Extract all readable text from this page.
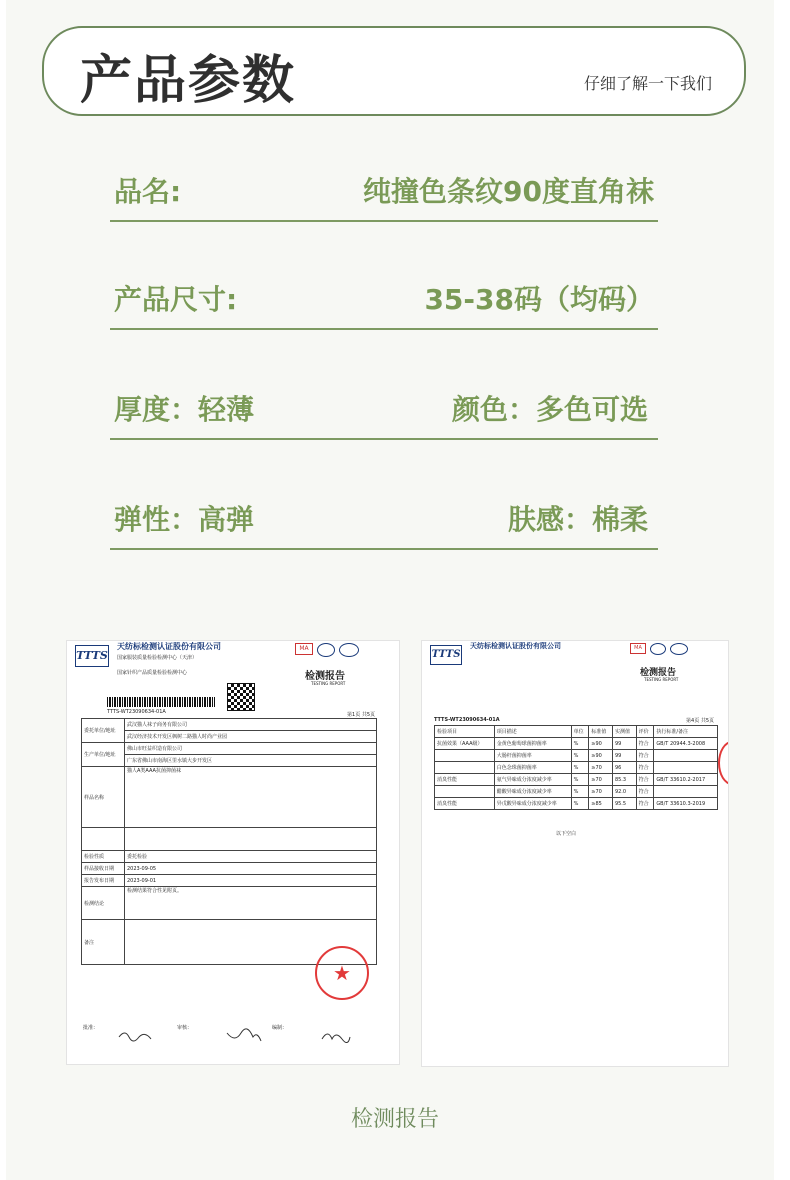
产品参数	仔细了解一下我们
品名:	纯撞色条纹90度直角袜
产品尺寸:	35-38码（均码）
厚度：轻薄	颜色：多色可选
弹性：高弹	肤感：棉柔
TTTS
天纺标检测认证股份有限公司
国家服装质量检验检测中心（天津）
国家针织产品质量检验检测中心
MA
检测报告
TESTING REPORT
TTTS-WT23090634-01A	第1页 共5页
委托单位/地址	武汉猫人袜子商务有限公司
	武汉经济技术开发区枫树二路猫人时尚产业园
生产单位/地址	佛山市旺益织造有限公司
	广东省佛山市南海区里水镇大步开发区
样品名称	猫人A类AAA抗菌抑菌袜

检验性质	委托检验
样品接收日期	2023-09-05
报告发布日期	2023-09-01
检测结论	检测结果符合性见附页。
备注	
★
批准：	审核：	编制：
TTTS
天纺标检测认证股份有限公司	MA
检测报告
TESTING REPORT
TTTS-WT23090634-01A	第4页 共5页
检验项目	项目描述	单位	标准值	实测值	评价	执行标准/备注
抗菌效果（AAA级）	金黄色葡萄球菌抑菌率	%	≥90	99	符合	GB/T 20944.3-2008
	大肠杆菌抑菌率	%	≥90	99	符合	
	白色念珠菌抑菌率	%	≥70	96	符合	
消臭性能	氨气异味成分浓度减少率	%	≥70	85.3	符合	GB/T 33610.2-2017
	醋酸异味成分浓度减少率	%	≥70	92.0	符合	
消臭性能	异戊酸异味成分浓度减少率	%	≥85	95.5	符合	GB/T 33610.3-2019
以下空白
检测报告
